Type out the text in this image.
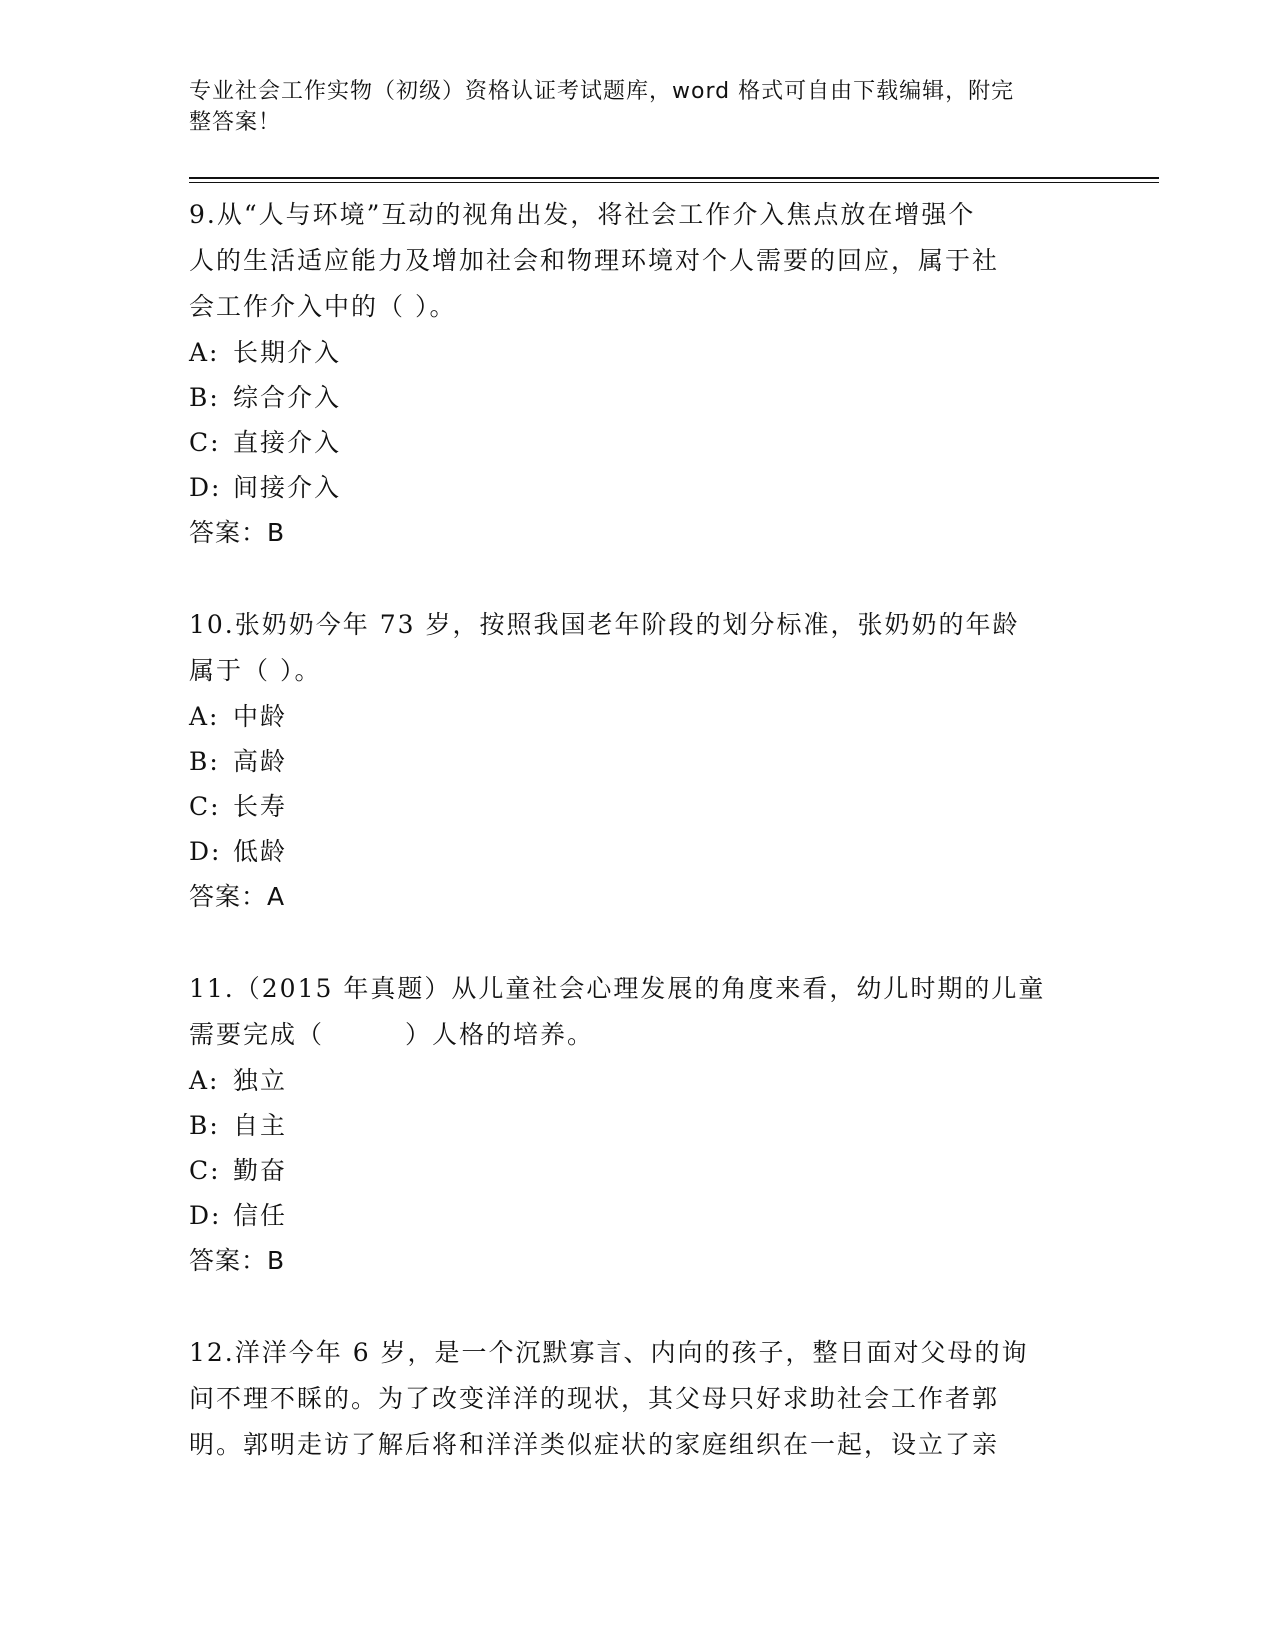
专业社会工作实物（初级）资格认证考试题库，word 格式可自由下载编辑，附完
整答案！

9.从“人与环境”互动的视角出发，将社会工作介入焦点放在增强个

人的生活适应能力及增加社会和物理环境对个人需要的回应，属于社

会工作介入中的（ ）。

A: 长期介入

B: 综合介入

C: 直接介入

D: 间接介入

答案：B

10.张奶奶今年 73 岁，按照我国老年阶段的划分标准，张奶奶的年龄

属于（ ）。

A: 中龄

B: 高龄

C: 长寿

D: 低龄

答案：A

11.（2015 年真题）从儿童社会心理发展的角度来看，幼儿时期的儿童

需要完成（　　　）人格的培养。

A: 独立

B: 自主

C: 勤奋

D: 信任

答案：B

12.洋洋今年 6 岁，是一个沉默寡言、内向的孩子，整日面对父母的询

问不理不睬的。为了改变洋洋的现状，其父母只好求助社会工作者郭

明。郭明走访了解后将和洋洋类似症状的家庭组织在一起，设立了亲
